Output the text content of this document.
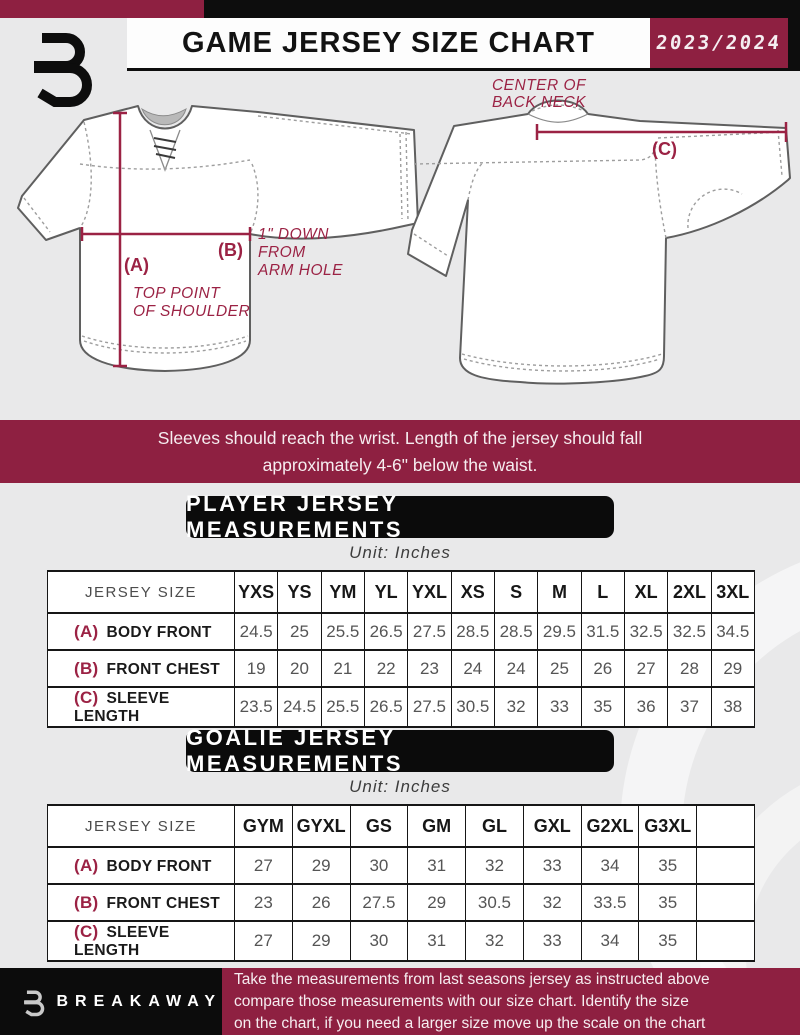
GAME JERSEY SIZE CHART	2023/2024
(A)
TOP POINT
OF SHOULDER
(B)
1" DOWN
FROM
ARM HOLE
(C)
CENTER OF
BACK NECK
Sleeves should reach the wrist. Length of the jersey should fall
approximately 4-6" below the waist.
PLAYER JERSEY MEASUREMENTS
Unit: Inches
JERSEY SIZE	YXS	YS	YM	YL	YXL	XS	S	M	L	XL	2XL	3XL
(A) BODY FRONT	24.5	25	25.5	26.5	27.5	28.5	28.5	29.5	31.5	32.5	32.5	34.5
(B) FRONT CHEST	19	20	21	22	23	24	24	25	26	27	28	29
(C) SLEEVE LENGTH	23.5	24.5	25.5	26.5	27.5	30.5	32	33	35	36	37	38
GOALIE JERSEY MEASUREMENTS
Unit: Inches
JERSEY SIZE	GYM	GYXL	GS	GM	GL	GXL	G2XL	G3XL	
(A) BODY FRONT	27	29	30	31	32	33	34	35	
(B) FRONT CHEST	23	26	27.5	29	30.5	32	33.5	35	
(C) SLEEVE LENGTH	27	29	30	31	32	33	34	35	
BREAKAWAY
Take the measurements from last seasons jersey as instructed above
compare those measurements with our size chart. Identify the size
on the chart, if you need a larger size move up the scale on the chart
